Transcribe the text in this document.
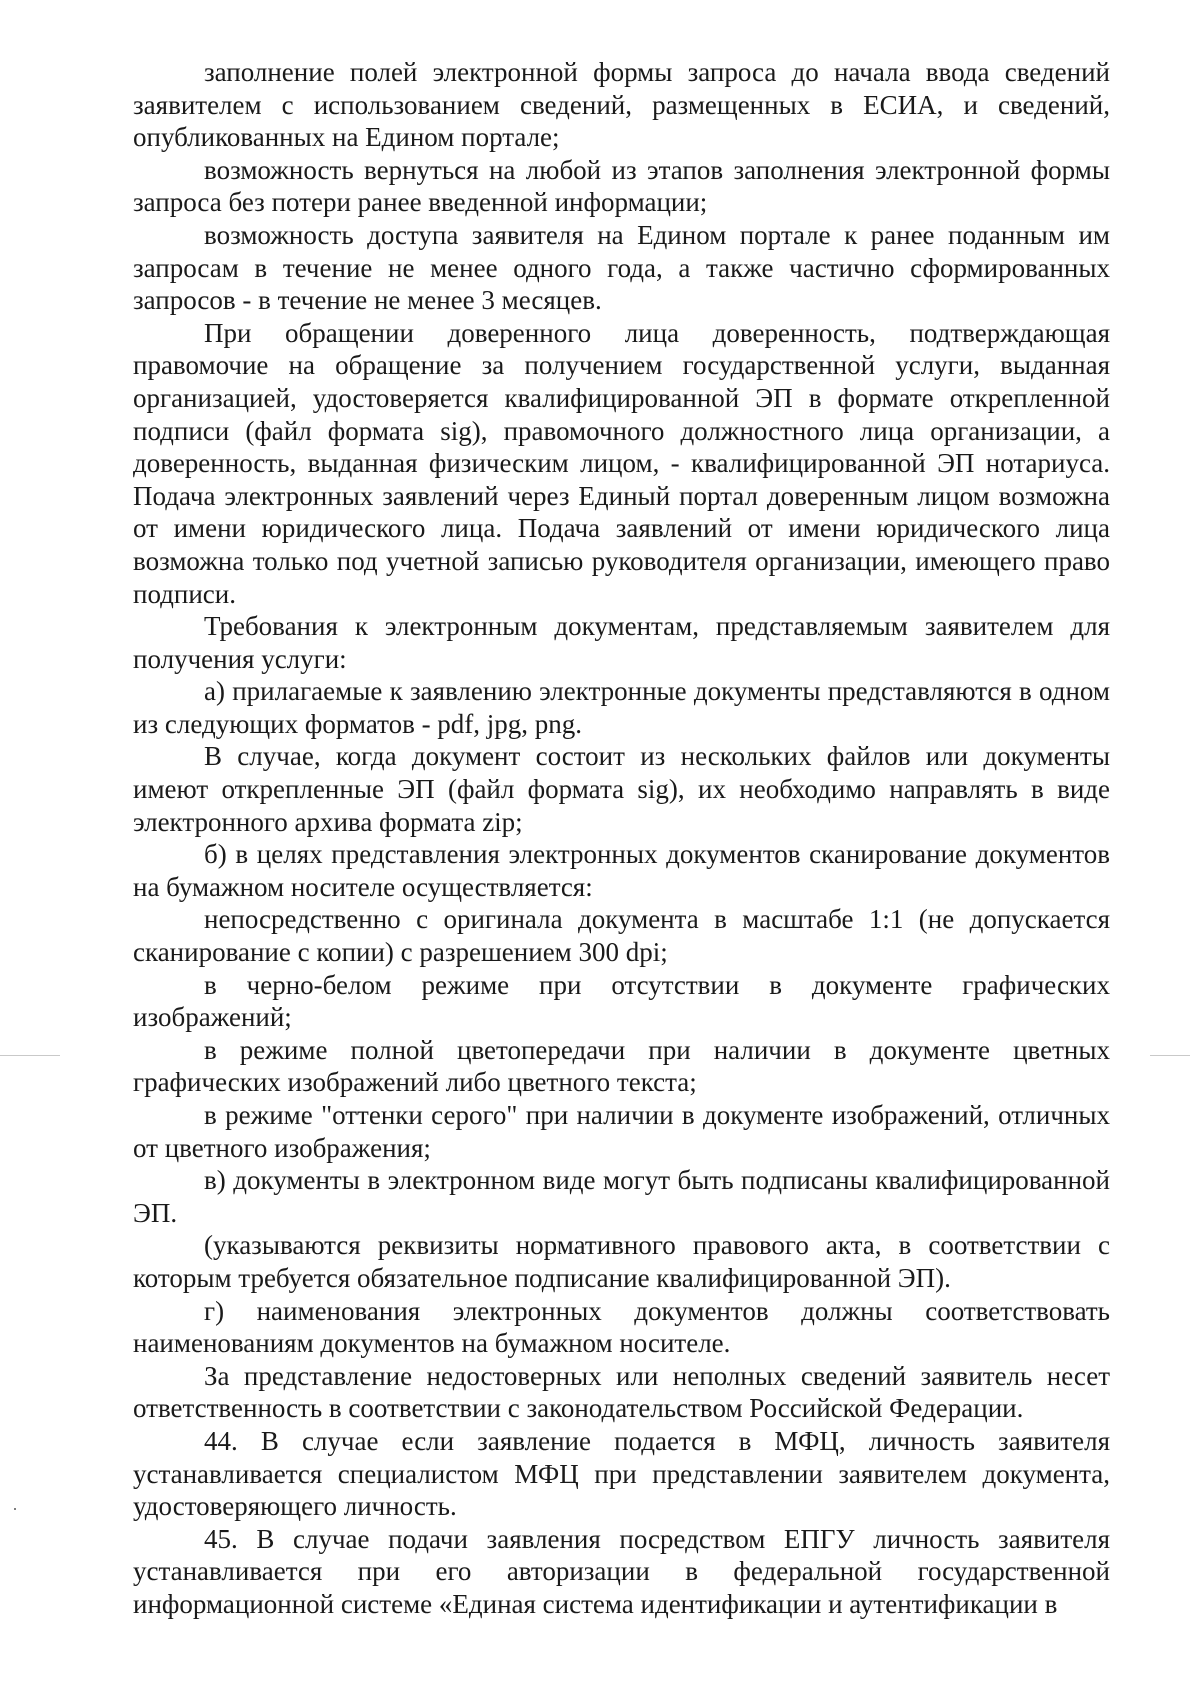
заполнение полей электронной формы запроса до начала ввода сведений заявителем с использованием сведений, размещенных в ЕСИА, и сведений, опубликованных на Едином портале;

возможность вернуться на любой из этапов заполнения электронной формы запроса без потери ранее введенной информации;

возможность доступа заявителя на Едином портале к ранее поданным им запросам в течение не менее одного года, а также частично сформированных запросов - в течение не менее 3 месяцев.

При обращении доверенного лица доверенность, подтверждающая правомочие на обращение за получением государственной услуги, выданная организацией, удостоверяется квалифицированной ЭП в формате открепленной подписи (файл формата sig), правомочного должностного лица организации, а доверенность, выданная физическим лицом, - квалифицированной ЭП нотариуса. Подача электронных заявлений через Единый портал доверенным лицом возможна от имени юридического лица. Подача заявлений от имени юридического лица возможна только под учетной записью руководителя организации, имеющего право подписи.

Требования к электронным документам, представляемым заявителем для получения услуги:

а) прилагаемые к заявлению электронные документы представляются в одном из следующих форматов - pdf, jpg, png.

В случае, когда документ состоит из нескольких файлов или документы имеют открепленные ЭП (файл формата sig), их необходимо направлять в виде электронного архива формата zip;

б) в целях представления электронных документов сканирование документов на бумажном носителе осуществляется:

непосредственно с оригинала документа в масштабе 1:1 (не допускается сканирование с копии) с разрешением 300 dpi;

в черно-белом режиме при отсутствии в документе графических изображений;

в режиме полной цветопередачи при наличии в документе цветных графических изображений либо цветного текста;

в режиме "оттенки серого" при наличии в документе изображений, отличных от цветного изображения;

в) документы в электронном виде могут быть подписаны квалифицированной ЭП.

(указываются реквизиты нормативного правового акта, в соответствии с которым требуется обязательное подписание квалифицированной ЭП).

г) наименования электронных документов должны соответствовать наименованиям документов на бумажном носителе.

За представление недостоверных или неполных сведений заявитель несет ответственность в соответствии с законодательством Российской Федерации.

44. В случае если заявление подается в МФЦ, личность заявителя устанавливается специалистом МФЦ при представлении заявителем документа, удостоверяющего личность.

45. В случае подачи заявления посредством ЕПГУ личность заявителя устанавливается при его авторизации в федеральной государственной информационной системе «Единая система идентификации и аутентификации в
